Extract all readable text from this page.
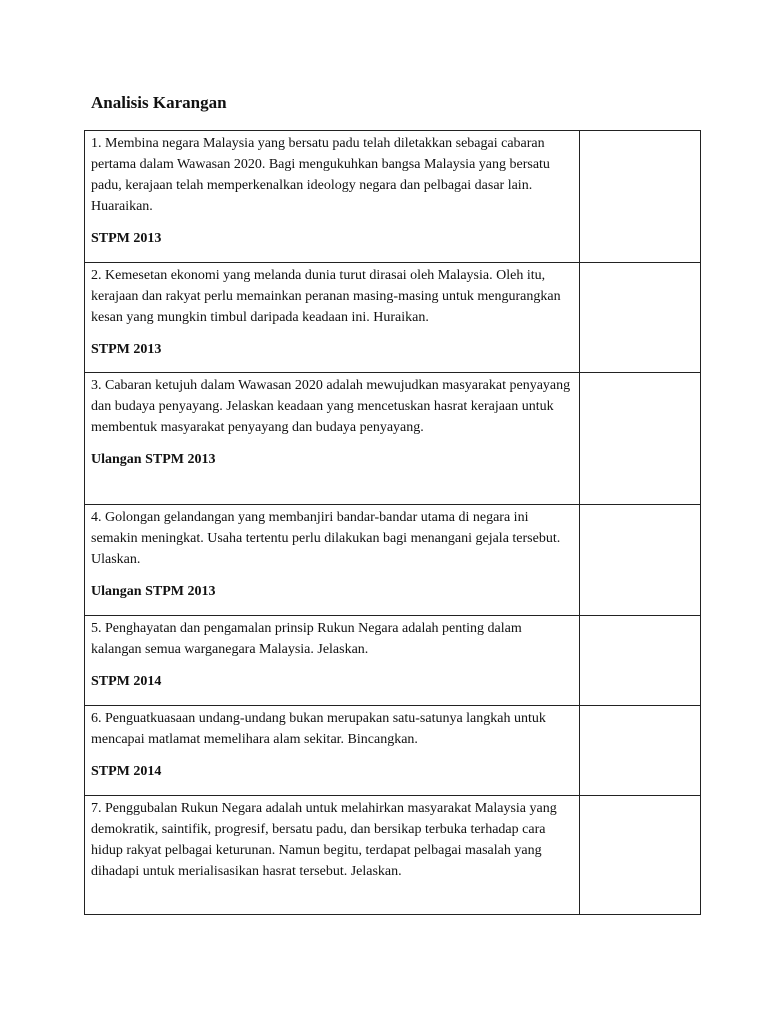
Analisis Karangan

1. Membina negara Malaysia yang bersatu padu telah diletakkan sebagai cabaran pertama dalam Wawasan 2020. Bagi mengukuhkan bangsa Malaysia yang bersatu padu, kerajaan telah memperkenalkan ideology negara dan pelbagai dasar lain. Huaraikan.

STPM 2013	

2. Kemesetan ekonomi yang melanda dunia turut dirasai oleh Malaysia. Oleh itu, kerajaan dan rakyat perlu memainkan peranan masing-masing untuk mengurangkan kesan yang mungkin timbul daripada keadaan ini. Huraikan.

STPM 2013	

3. Cabaran ketujuh dalam Wawasan 2020 adalah mewujudkan masyarakat penyayang dan budaya penyayang. Jelaskan keadaan yang mencetuskan hasrat kerajaan untuk membentuk masyarakat penyayang dan budaya penyayang.

Ulangan STPM 2013	

4. Golongan gelandangan yang membanjiri bandar-bandar utama di negara ini semakin meningkat. Usaha tertentu perlu dilakukan bagi menangani gejala tersebut. Ulaskan.

Ulangan STPM 2013	

5. Penghayatan dan pengamalan prinsip Rukun Negara adalah penting dalam kalangan semua warganegara Malaysia. Jelaskan.

STPM 2014	

6. Penguatkuasaan undang-undang bukan merupakan satu-satunya langkah untuk mencapai matlamat memelihara alam sekitar. Bincangkan.

STPM 2014	

7. Penggubalan Rukun Negara adalah untuk melahirkan masyarakat Malaysia yang demokratik, saintifik, progresif, bersatu padu, dan bersikap terbuka terhadap cara hidup rakyat pelbagai keturunan. Namun begitu, terdapat pelbagai masalah yang dihadapi untuk merialisasikan hasrat tersebut. Jelaskan.	
